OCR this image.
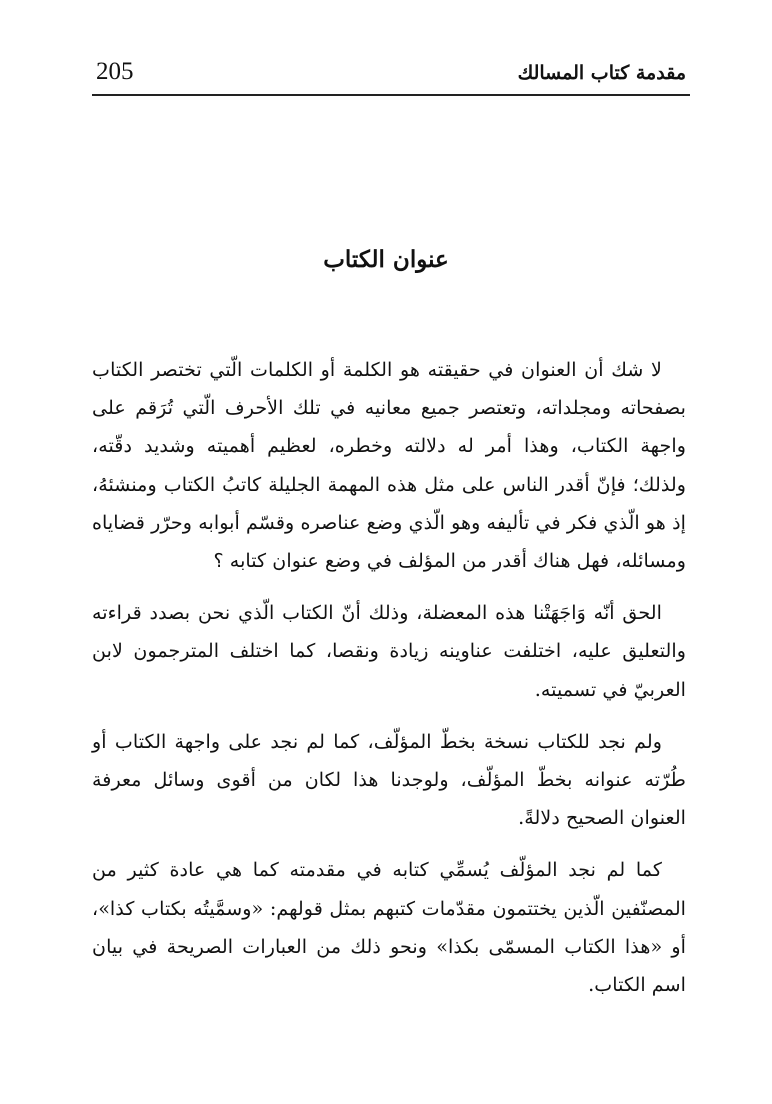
مقدمة كتاب المسالك
205
عنوان الكتاب

لا شك أن العنوان في حقيقته هو الكلمة أو الكلمات الّتي تختصر الكتاب بصفحاته ومجلداته، وتعتصر جميع معانيه في تلك الأحرف الّتي تُرَقم على واجهة الكتاب، وهذا أمر له دلالته وخطره، لعظيم أهميته وشديد دقّته، ولذلك؛ فإنّ أقدر الناس على مثل هذه المهمة الجليلة كاتبُ الكتاب ومنشئهُ، إذ هو الّذي فكر في تأليفه وهو الّذي وضع عناصره وقسّم أبوابه وحرّر قضاياه ومسائله، فهل هناك أقدر من المؤلف في وضع عنوان كتابه ؟

الحق أنّه وَاجَهَتْنا هذه المعضلة، وذلك أنّ الكتاب الّذي نحن بصدد قراءته والتعليق عليه، اختلفت عناوينه زيادة ونقصا، كما اختلف المترجمون لابن العربيّ في تسميته.

ولم نجد للكتاب نسخة بخطّ المؤلّف، كما لم نجد على واجهة الكتاب أو طُرّته عنوانه بخطّ المؤلّف، ولوجدنا هذا لكان من أقوى وسائل معرفة العنوان الصحيح دلالةً.

كما لم نجد المؤلّف يُسمِّي كتابه في مقدمته كما هي عادة كثير من المصنّفين الّذين يختتمون مقدّمات كتبهم بمثل قولهم: «وسمَّيتُه بكتاب كذا»، أو «هذا الكتاب المسمّى بكذا» ونحو ذلك من العبارات الصريحة في بيان اسم الكتاب.
